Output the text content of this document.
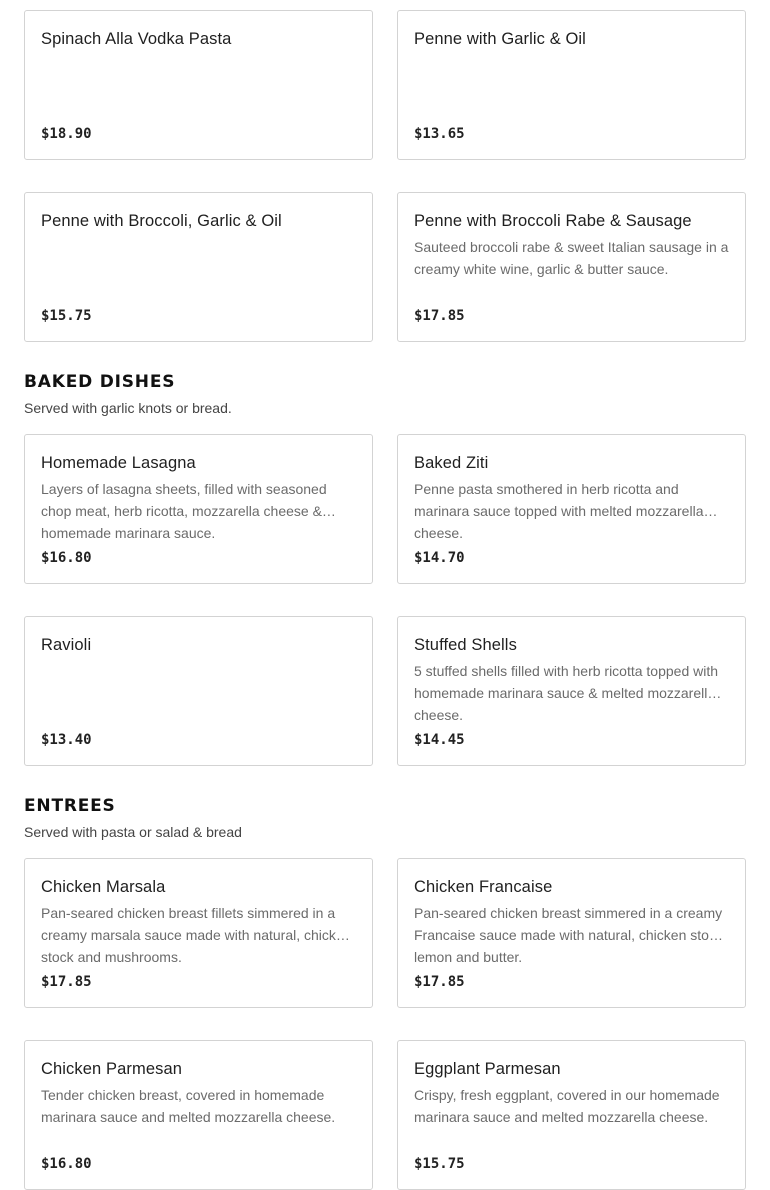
Spinach Alla Vodka Pasta
$18.90
Penne with Garlic & Oil
$13.65
Penne with Broccoli, Garlic & Oil
$15.75
Penne with Broccoli Rabe & Sausage
Sauteed broccoli rabe & sweet Italian sausage in a creamy white wine, garlic & butter sauce.
$17.85
BAKED DISHES
Served with garlic knots or bread.
Homemade Lasagna
Layers of lasagna sheets, filled with seasoned chop meat, herb ricotta, mozzarella cheese & homemade marinara sauce.
$16.80
Baked Ziti
Penne pasta smothered in herb ricotta and marinara sauce topped with melted mozzarella cheese.
$14.70
Ravioli
$13.40
Stuffed Shells
5 stuffed shells filled with herb ricotta topped with homemade marinara sauce & melted mozzarella cheese.
$14.45
ENTREES
Served with pasta or salad & bread
Chicken Marsala
Pan-seared chicken breast fillets simmered in a creamy marsala sauce made with natural, chicken stock and mushrooms.
$17.85
Chicken Francaise
Pan-seared chicken breast simmered in a creamy Francaise sauce made with natural, chicken stock, lemon and butter.
$17.85
Chicken Parmesan
Tender chicken breast, covered in homemade marinara sauce and melted mozzarella cheese.
$16.80
Eggplant Parmesan
Crispy, fresh eggplant, covered in our homemade marinara sauce and melted mozzarella cheese.
$15.75
